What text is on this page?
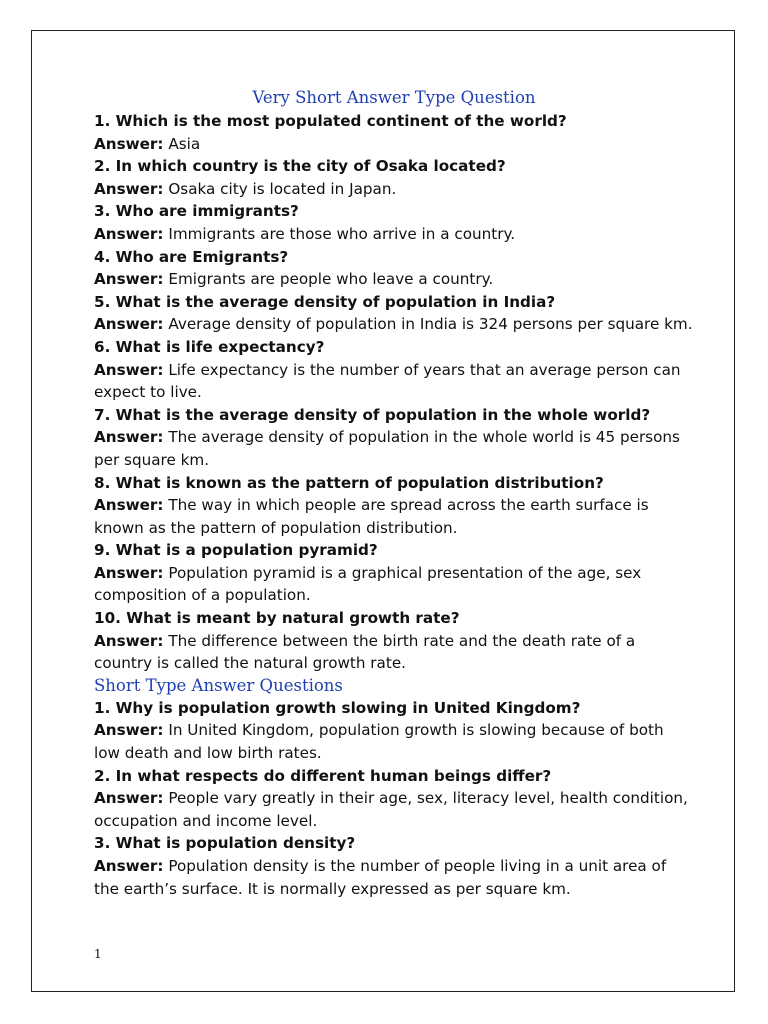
Very Short Answer Type Question

1. Which is the most populated continent of the world?

Answer: Asia

2. In which country is the city of Osaka located?

Answer: Osaka city is located in Japan.

3. Who are immigrants?

Answer: Immigrants are those who arrive in a country.

4. Who are Emigrants?

Answer: Emigrants are people who leave a country.

5. What is the average density of population in India?

Answer: Average density of population in India is 324 persons per square km.

6. What is life expectancy?

Answer: Life expectancy is the number of years that an average person can expect to live.

7. What is the average density of population in the whole world?

Answer: The average density of population in the whole world is 45 persons per square km.

8. What is known as the pattern of population distribution?

Answer: The way in which people are spread across the earth surface is known as the pattern of population distribution.

9. What is a population pyramid?

Answer: Population pyramid is a graphical presentation of the age, sex composition of a population.

10. What is meant by natural growth rate?

Answer: The difference between the birth rate and the death rate of a country is called the natural growth rate.

Short Type Answer Questions

1. Why is population growth slowing in United Kingdom?

Answer: In United Kingdom, population growth is slowing because of both low death and low birth rates.

2. In what respects do different human beings differ?

Answer: People vary greatly in their age, sex, literacy level, health condition, occupation and income level.

3. What is population density?

Answer: Population density is the number of people living in a unit area of the earth’s surface. It is normally expressed as per square km.

1
